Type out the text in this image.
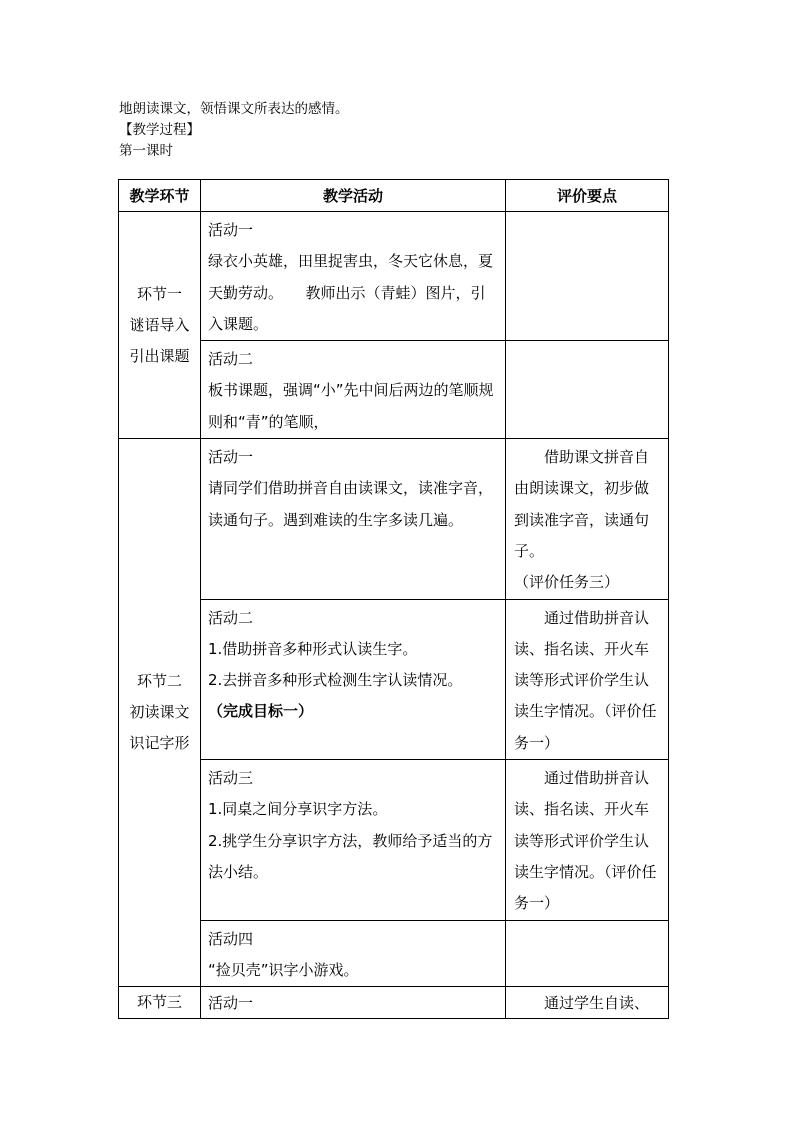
地朗读课文，领悟课文所表达的感情。
【教学过程】
第一课时
教学环节	教学活动	评价要点

环节一
谜语导入
引出课题	活动一
绿衣小英雄，田里捉害虫，冬天它休息，夏天勤劳动。　　教师出示（青蛙）图片，引入课题。	

	活动二
板书课题，强调“小”先中间后两边的笔顺规则和“青”的笔顺，	

环节二
初读课文
识记字形	活动一
请同学们借助拼音自由读课文，读准字音，读通句子。遇到难读的生字多读几遍。	借助课文拼音自由朗读课文，初步做到读准字音，读通句子。
（评价任务三）

	活动二
1.借助拼音多种形式认读生字。
2.去拼音多种形式检测生字认读情况。
（完成目标一）	通过借助拼音认读、指名读、开火车读等形式评价学生认读生字情况。（评价任务一）

	活动三
1.同桌之间分享识字方法。
2.挑学生分享识字方法，教师给予适当的方法小结。	通过借助拼音认读、指名读、开火车读等形式评价学生认读生字情况。（评价任务一）

	活动四
“捡贝壳”识字小游戏。	

环节三	活动一	通过学生自读、
